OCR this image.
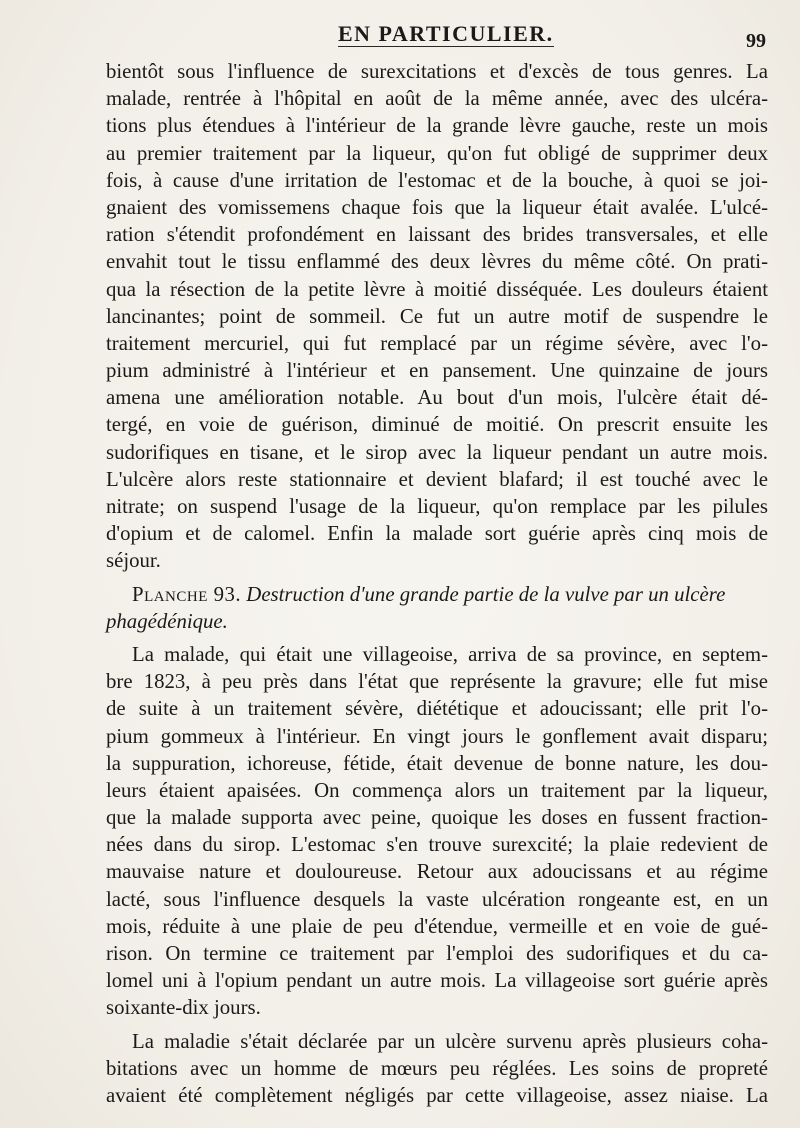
EN PARTICULIER.	99
bientôt sous l'influence de surexcitations et d'excès de tous genres. La
malade, rentrée à l'hôpital en août de la même année, avec des ulcéra-
tions plus étendues à l'intérieur de la grande lèvre gauche, reste un mois
au premier traitement par la liqueur, qu'on fut obligé de supprimer deux
fois, à cause d'une irritation de l'estomac et de la bouche, à quoi se joi-
gnaient des vomissemens chaque fois que la liqueur était avalée. L'ulcé-
ration s'étendit profondément en laissant des brides transversales, et elle
envahit tout le tissu enflammé des deux lèvres du même côté. On prati-
qua la résection de la petite lèvre à moitié disséquée. Les douleurs étaient
lancinantes; point de sommeil. Ce fut un autre motif de suspendre le
traitement mercuriel, qui fut remplacé par un régime sévère, avec l'o-
pium administré à l'intérieur et en pansement. Une quinzaine de jours
amena une amélioration notable. Au bout d'un mois, l'ulcère était dé-
tergé, en voie de guérison, diminué de moitié. On prescrit ensuite les
sudorifiques en tisane, et le sirop avec la liqueur pendant un autre mois.
L'ulcère alors reste stationnaire et devient blafard; il est touché avec le
nitrate; on suspend l'usage de la liqueur, qu'on remplace par les pilules
d'opium et de calomel. Enfin la malade sort guérie après cinq mois de
séjour.
Planche 93. Destruction d'une grande partie de la vulve par un ulcère
phagédénique.
La malade, qui était une villageoise, arriva de sa province, en septem-
bre 1823, à peu près dans l'état que représente la gravure; elle fut mise
de suite à un traitement sévère, diététique et adoucissant; elle prit l'o-
pium gommeux à l'intérieur. En vingt jours le gonflement avait disparu;
la suppuration, ichoreuse, fétide, était devenue de bonne nature, les dou-
leurs étaient apaisées. On commença alors un traitement par la liqueur,
que la malade supporta avec peine, quoique les doses en fussent fraction-
nées dans du sirop. L'estomac s'en trouve surexcité; la plaie redevient de
mauvaise nature et douloureuse. Retour aux adoucissans et au régime
lacté, sous l'influence desquels la vaste ulcération rongeante est, en un
mois, réduite à une plaie de peu d'étendue, vermeille et en voie de gué-
rison. On termine ce traitement par l'emploi des sudorifiques et du ca-
lomel uni à l'opium pendant un autre mois. La villageoise sort guérie après
soixante-dix jours.
La maladie s'était déclarée par un ulcère survenu après plusieurs coha-
bitations avec un homme de mœurs peu réglées. Les soins de propreté
avaient été complètement négligés par cette villageoise, assez niaise. La
